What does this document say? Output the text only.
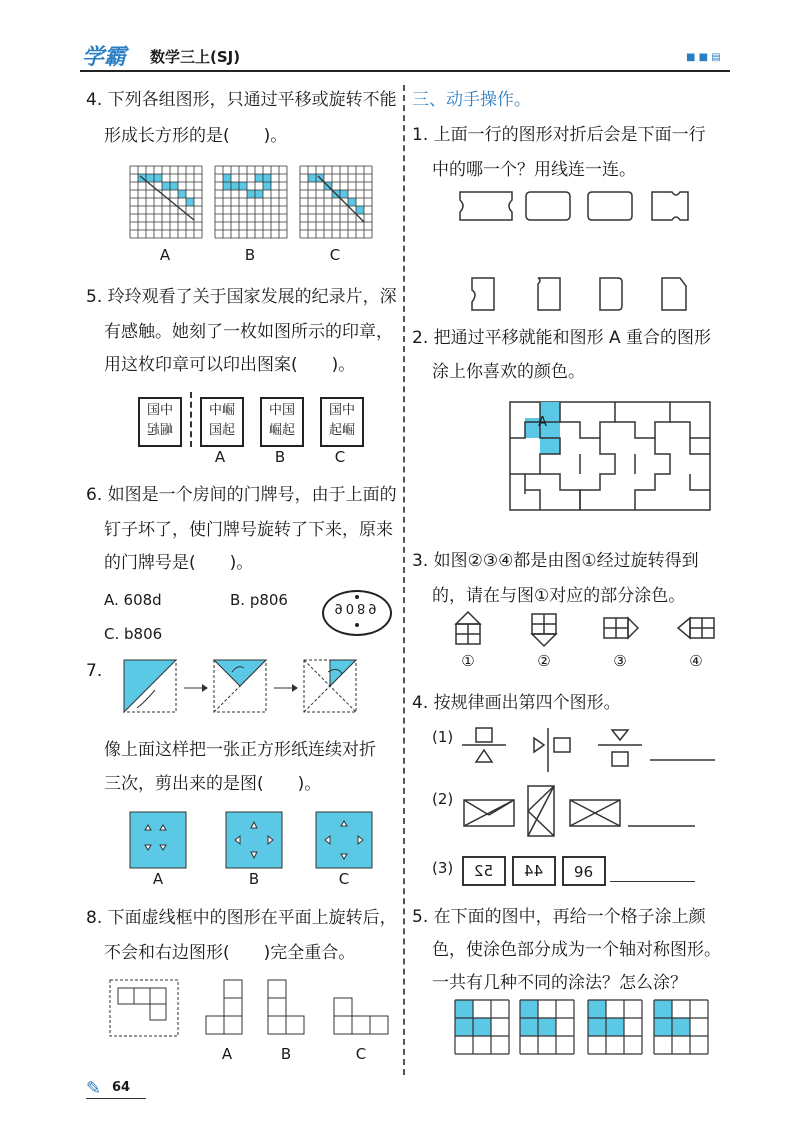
学霸 数学三上(SJ)	■ ■ ▤
4. 下列各组图形，只通过平移或旋转不能
形成长方形的是(　　)。
A	B	C
5. 玲玲观看了关于国家发展的纪录片，深
有感触。她刻了一枚如图所示的印章，
用这枚印章可以印出图案(　　)。
国中
崛起
中崛
国起
中国
崛起
国中
起崛
A	B	C
6. 如图是一个房间的门牌号，由于上面的
钉子坏了，使门牌号旋转了下来，原来
的门牌号是(　　)。
A. 608d	B. p806
C. b806
9089
7.
像上面这样把一张正方形纸连续对折
三次，剪出来的是图(　　)。
A	B	C
8. 下面虚线框中的图形在平面上旋转后，
不会和右边图形(　　)完全重合。
A	B	C
三、动手操作。
1. 上面一行的图形对折后会是下面一行
中的哪一个？用线连一连。
2. 把通过平移就能和图形 A 重合的图形
涂上你喜欢的颜色。
A
3. 如图②③④都是由图①经过旋转得到
的，请在与图①对应的部分涂色。
①	②	③	④
4. 按规律画出第四个图形。
(1)
(2)
(3)	52	44	96
5. 在下面的图中，再给一个格子涂上颜
色，使涂色部分成为一个轴对称图形。
一共有几种不同的涂法？怎么涂？
✎ 64
